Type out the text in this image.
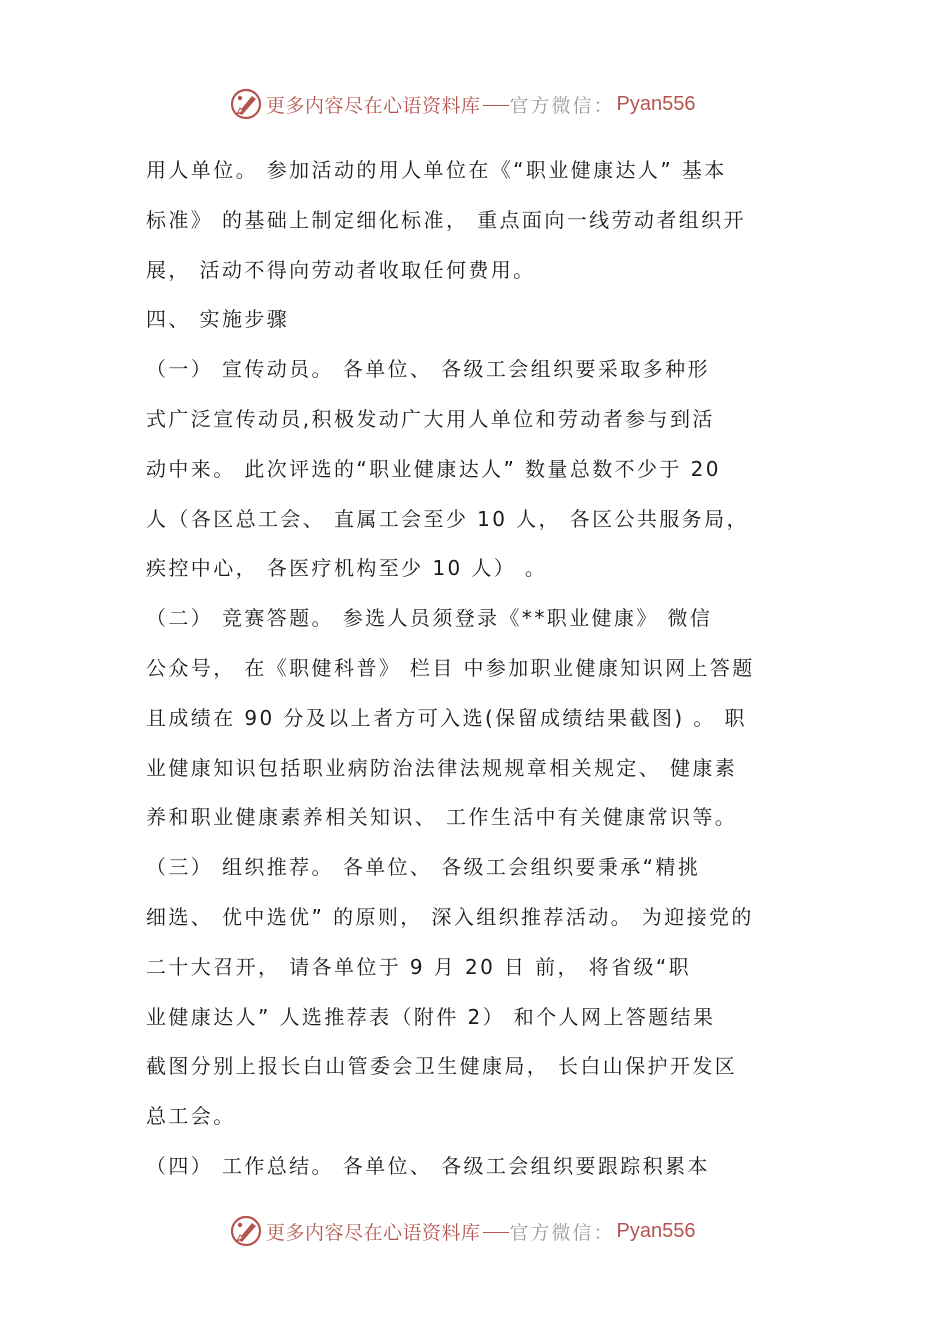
更多内容尽在心语资料库 官方微信： Pyan556
用人单位。 参加活动的用人单位在《“职业健康达人” 基本
标准》 的基础上制定细化标准， 重点面向一线劳动者组织开
展， 活动不得向劳动者收取任何费用。
四、 实施步骤
（一） 宣传动员。 各单位、 各级工会组织要采取多种形
式广泛宣传动员,积极发动广大用人单位和劳动者参与到活
动中来。 此次评选的“职业健康达人” 数量总数不少于 20
人（各区总工会、 直属工会至少 10 人， 各区公共服务局，
疾控中心， 各医疗机构至少 10 人） 。
（二） 竞赛答题。 参选人员须登录《**职业健康》 微信
公众号， 在《职健科普》 栏目 中参加职业健康知识网上答题
且成绩在 90 分及以上者方可入选(保留成绩结果截图) 。 职
业健康知识包括职业病防治法律法规规章相关规定、 健康素
养和职业健康素养相关知识、 工作生活中有关健康常识等。
（三） 组织推荐。 各单位、 各级工会组织要秉承“精挑
细选、 优中选优” 的原则， 深入组织推荐活动。 为迎接党的
二十大召开， 请各单位于 9 月 20 日 前， 将省级“职
业健康达人” 人选推荐表（附件 2） 和个人网上答题结果
截图分别上报长白山管委会卫生健康局， 长白山保护开发区
总工会。
（四） 工作总结。 各单位、 各级工会组织要跟踪积累本
更多内容尽在心语资料库 官方微信： Pyan556
